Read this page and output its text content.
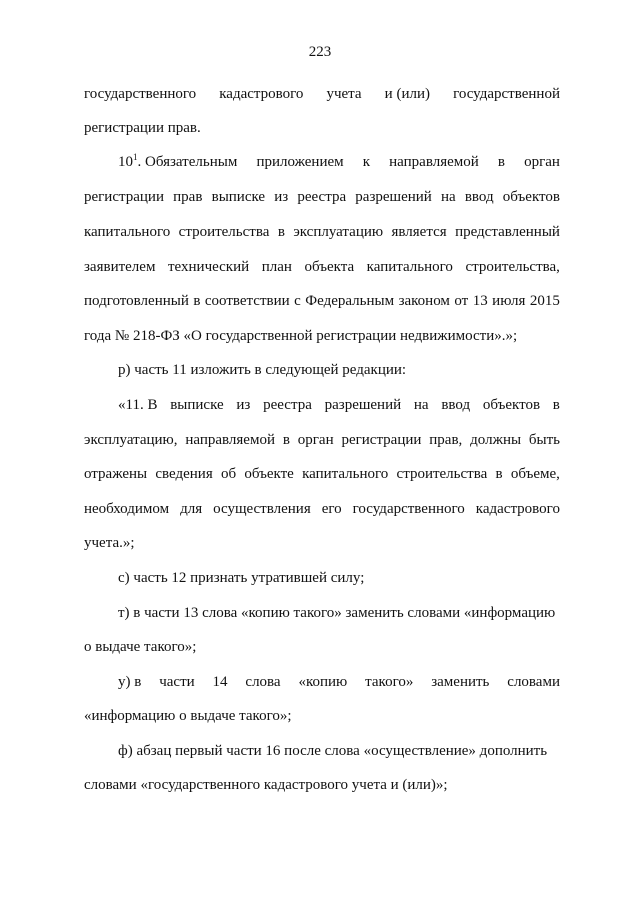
223
государственного кадастрового учета и (или) государственной
регистрации прав.
$10^1$. Обязательным приложением к направляемой в орган
регистрации прав выписке из реестра разрешений на ввод объектов
капитального строительства в эксплуатацию является представленный
заявителем технический план объекта капитального строительства,
подготовленный в соответствии с Федеральным законом от 13 июля 2015
года № 218-ФЗ «О государственной регистрации недвижимости».»;
р) часть 11 изложить в следующей редакции:
«11. В выписке из реестра разрешений на ввод объектов в
эксплуатацию, направляемой в орган регистрации прав, должны быть
отражены сведения об объекте капитального строительства в объеме,
необходимом для осуществления его государственного кадастрового
учета.»;
с) часть 12 признать утратившей силу;
т) в части 13 слова «копию такого» заменить словами «информацию
о выдаче такого»;
у) в части 14 слова «копию такого» заменить словами
«информацию о выдаче такого»;
ф) абзац первый части 16 после слова «осуществление» дополнить
словами «государственного кадастрового учета и (или)»;
